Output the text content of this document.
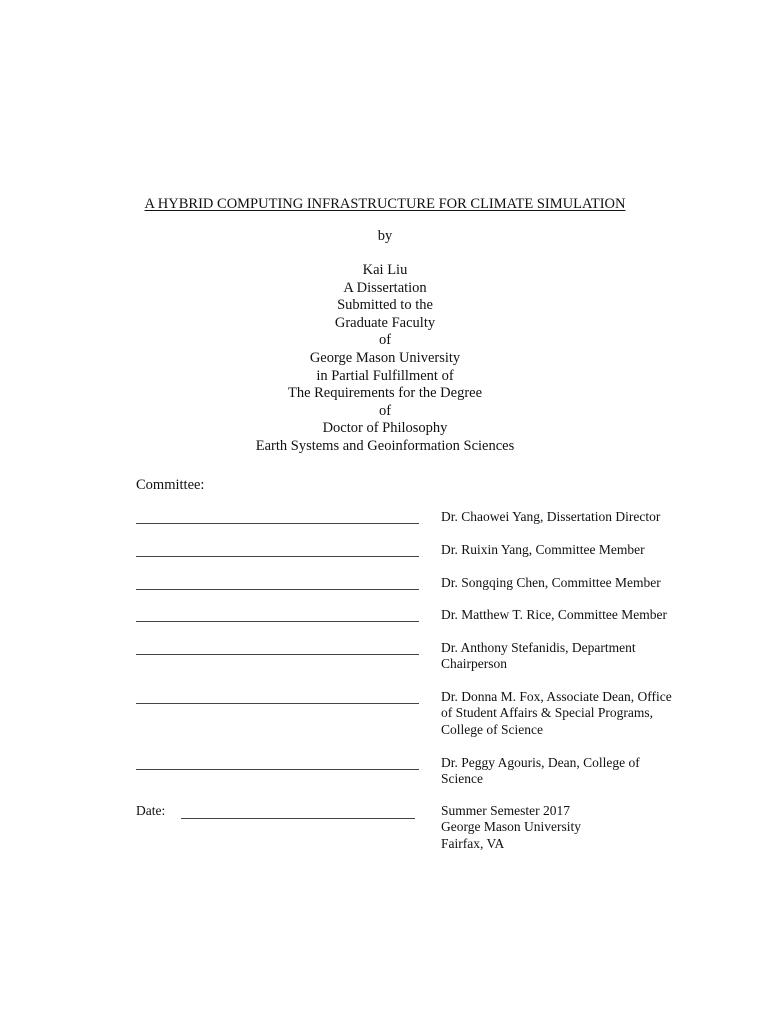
A HYBRID COMPUTING INFRASTRUCTURE FOR CLIMATE SIMULATION
by
Kai Liu
A Dissertation
Submitted to the
Graduate Faculty
of
George Mason University
in Partial Fulfillment of
The Requirements for the Degree
of
Doctor of Philosophy
Earth Systems and Geoinformation Sciences
Committee:
Dr. Chaowei Yang, Dissertation Director
Dr. Ruixin Yang, Committee Member
Dr. Songqing Chen, Committee Member
Dr. Matthew T. Rice, Committee Member
Dr. Anthony Stefanidis, Department Chairperson
Dr. Donna M. Fox, Associate Dean, Office of Student Affairs & Special Programs, College of Science
Dr. Peggy Agouris, Dean, College of Science
Date:	Summer Semester 2017
George Mason University
Fairfax, VA
